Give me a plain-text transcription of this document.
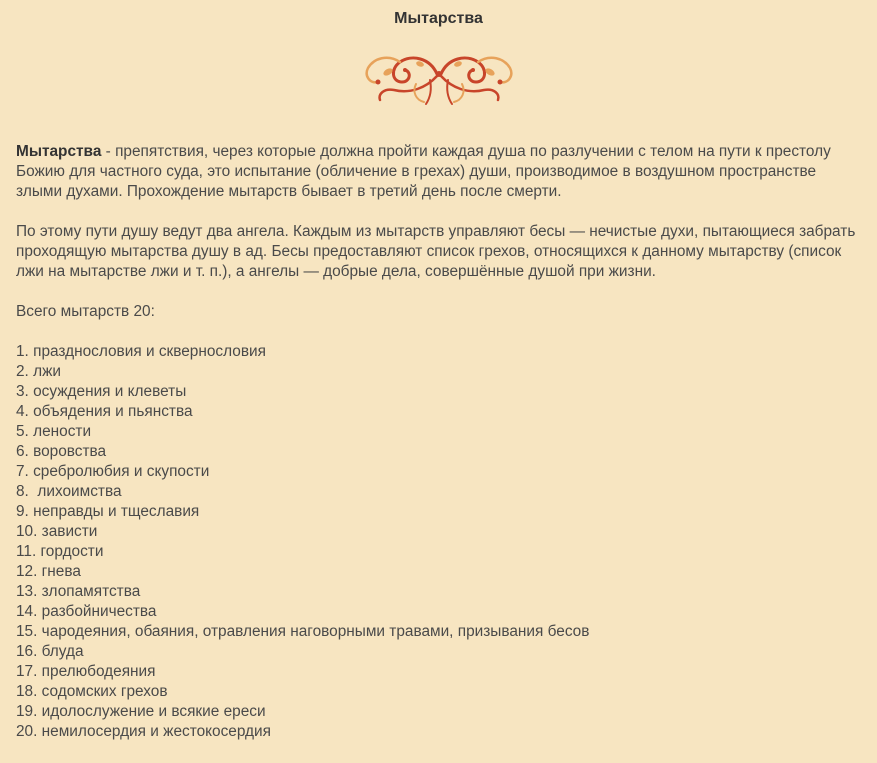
Мытарства

Мытарства - препятствия, через которые должна пройти каждая душа по разлучении с телом на пути к престолу Божию для частного суда, это испытание (обличение в грехах) души, производимое в воздушном пространстве злыми духами. Прохождение мытарств бывает в третий день после смерти.

По этому пути душу ведут два ангела. Каждым из мытарств управляют бесы — нечистые духи, пытающиеся забрать проходящую мытарства душу в ад. Бесы предоставляют список грехов, относящихся к данному мытарству (список лжи на мытарстве лжи и т. п.), а ангелы — добрые дела, совершённые душой при жизни.

Всего мытарств 20:

1. празднословия и сквернословия
2. лжи
3. осуждения и клеветы
4. объядения и пьянства
5. лености
6. воровства
7. сребролюбия и скупости
8.  лихоимства
9. неправды и тщеславия
10. зависти
11. гордости
12. гнева
13. злопамятства
14. разбойничества
15. чародеяния, обаяния, отравления наговорными травами, призывания бесов
16. блуда
17. прелюбодеяния
18. содомских грехов
19. идолослужение и всякие ереси
20. немилосердия и жестокосердия
